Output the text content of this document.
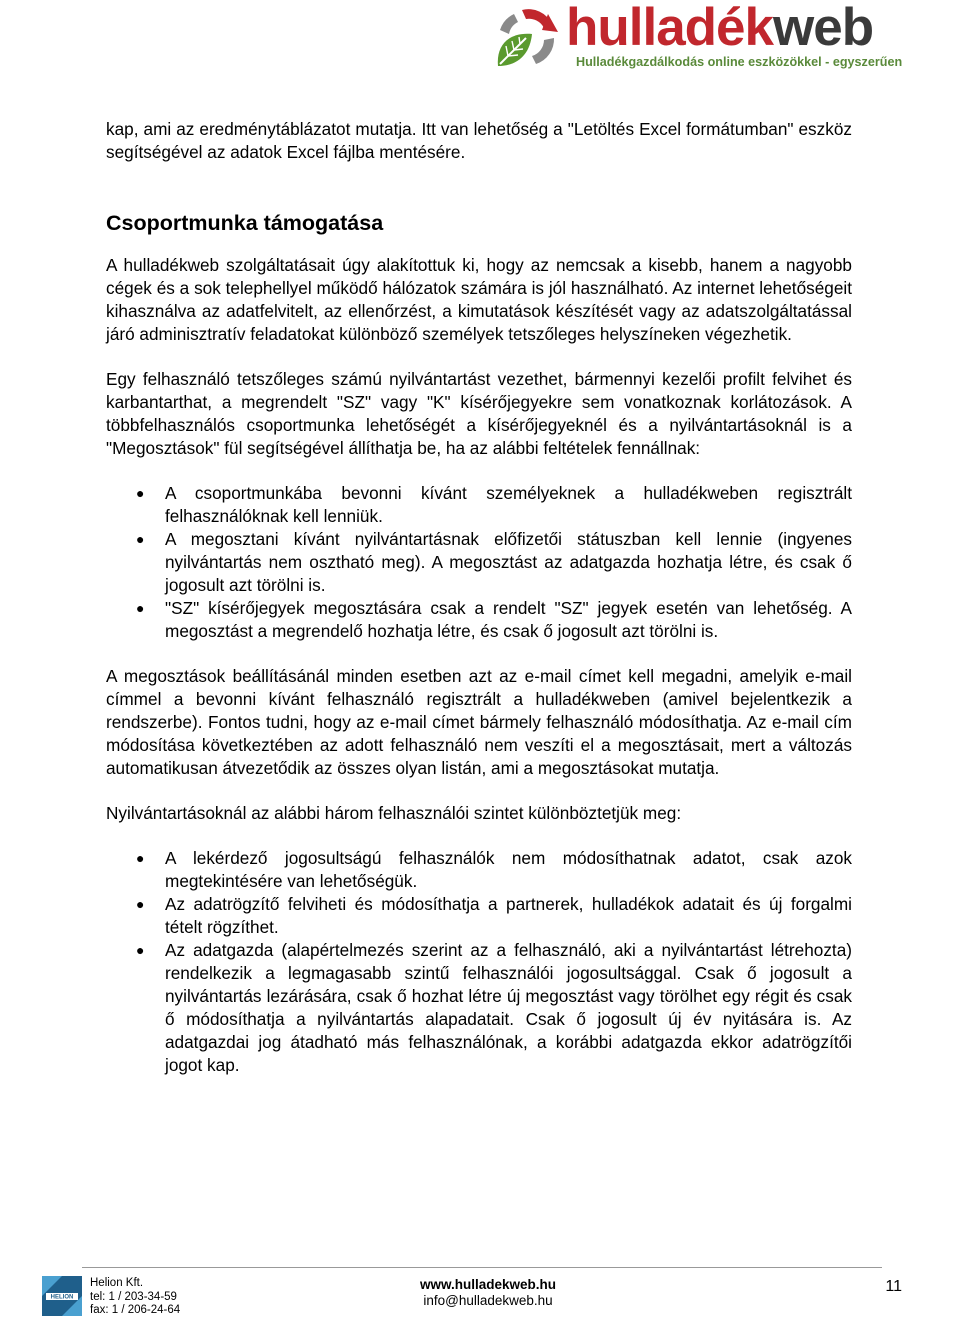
hulladékweb
Hulladékgazdálkodás online eszközökkel - egyszerűen

kap, ami az eredménytáblázatot mutatja. Itt van lehetőség a "Letöltés Excel formátumban" eszköz segítségével az adatok Excel fájlba mentésére.

Csoportmunka támogatása

A hulladékweb szolgáltatásait úgy alakítottuk ki, hogy az nemcsak a kisebb, hanem a nagyobb cégek és a sok telephellyel működő hálózatok számára is jól használható. Az internet lehetőségeit kihasználva az adatfelvitelt, az ellenőrzést, a kimutatások készítését vagy az adatszolgáltatással járó adminisztratív feladatokat különböző személyek tetszőleges helyszíneken végezhetik.

Egy felhasználó tetszőleges számú nyilvántartást vezethet, bármennyi kezelői profilt felvihet és karbantarthat, a megrendelt "SZ" vagy "K" kísérőjegyekre sem vonatkoznak korlátozások. A többfelhasználós csoportmunka lehetőségét a kísérőjegyeknél és a nyilvántartásoknál is a "Megosztások" fül segítségével állíthatja be, ha az alábbi feltételek fennállnak:

● A csoportmunkába bevonni kívánt személyeknek a hulladékweben regisztrált felhasználóknak kell lenniük.
● A megosztani kívánt nyilvántartásnak előfizetői státuszban kell lennie (ingyenes nyilvántartás nem osztható meg). A megosztást az adatgazda hozhatja létre, és csak ő jogosult azt törölni is.
● "SZ" kísérőjegyek megosztására csak a rendelt "SZ" jegyek esetén van lehetőség. A megosztást a megrendelő hozhatja létre, és csak ő jogosult azt törölni is.

A megosztások beállításánál minden esetben azt az e-mail címet kell megadni, amelyik e-mail címmel a bevonni kívánt felhasználó regisztrált a hulladékweben (amivel bejelentkezik a rendszerbe). Fontos tudni, hogy az e-mail címet bármely felhasználó módosíthatja. Az e-mail cím módosítása következtében az adott felhasználó nem veszíti el a megosztásait, mert a változás automatikusan átvezetődik az összes olyan listán, ami a megosztásokat mutatja.

Nyilvántartásoknál az alábbi három felhasználói szintet különböztetjük meg:

● A lekérdező jogosultságú felhasználók nem módosíthatnak adatot, csak azok megtekintésére van lehetőségük.
● Az adatrögzítő felviheti és módosíthatja a partnerek, hulladékok adatait és új forgalmi tételt rögzíthet.
● Az adatgazda (alapértelmezés szerint az a felhasználó, aki a nyilvántartást létrehozta) rendelkezik a legmagasabb szintű felhasználói jogosultsággal. Csak ő jogosult a nyilvántartás lezárására, csak ő hozhat létre új megosztást vagy törölhet egy régit és csak ő módosíthatja a nyilvántartás alapadatait. Csak ő jogosult új év nyitására is. Az adatgazdai jog átadható más felhasználónak, a korábbi adatgazda ekkor adatrögzítői jogot kap.
HELION
Helion Kft.
tel: 1 / 203-34-59
fax: 1 / 206-24-64
www.hulladekweb.hu
info@hulladekweb.hu
11
